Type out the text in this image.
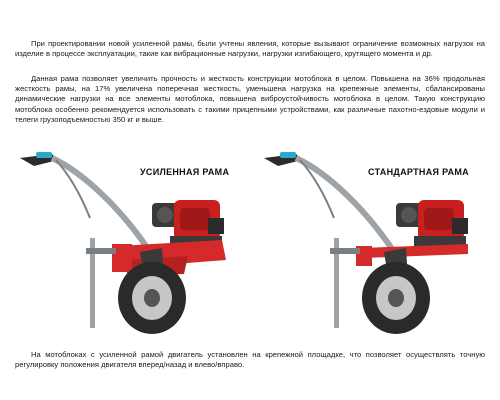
При проектировании новой усиленной рамы, были учтены явления, которые вызывают ограничение возможных нагрузок на изделие в процессе эксплуатации, такие как вибрационные нагрузки, нагрузки изгибающего, крутящего момента и др.

Данная рама позволяет увеличить прочность и жесткость конструкции мотоблока в целом. Повышена на 36% продольная жесткость рамы, на 17% увеличена поперечная жесткость, уменьшена нагрузка на крепежные элементы, сбалансированы динамические нагрузки на все элементы мотоблока, повышена виброустойчивость мотоблока в целом. Такую конструкцию мотоблока особенно рекомендуется использовать с такими прицепными устройствами, как различные пахотно-ездовые модули и телеги грузоподъемностью 350 кг и выше.

УСИЛЕННАЯ РАМА	СТАНДАРТНАЯ РАМА

На мотоблоках с усиленной рамой двигатель установлен на крепежной площадке, что позволяет осуществлять точную регулировку положения двигателя вперед/назад и влево/вправо.
